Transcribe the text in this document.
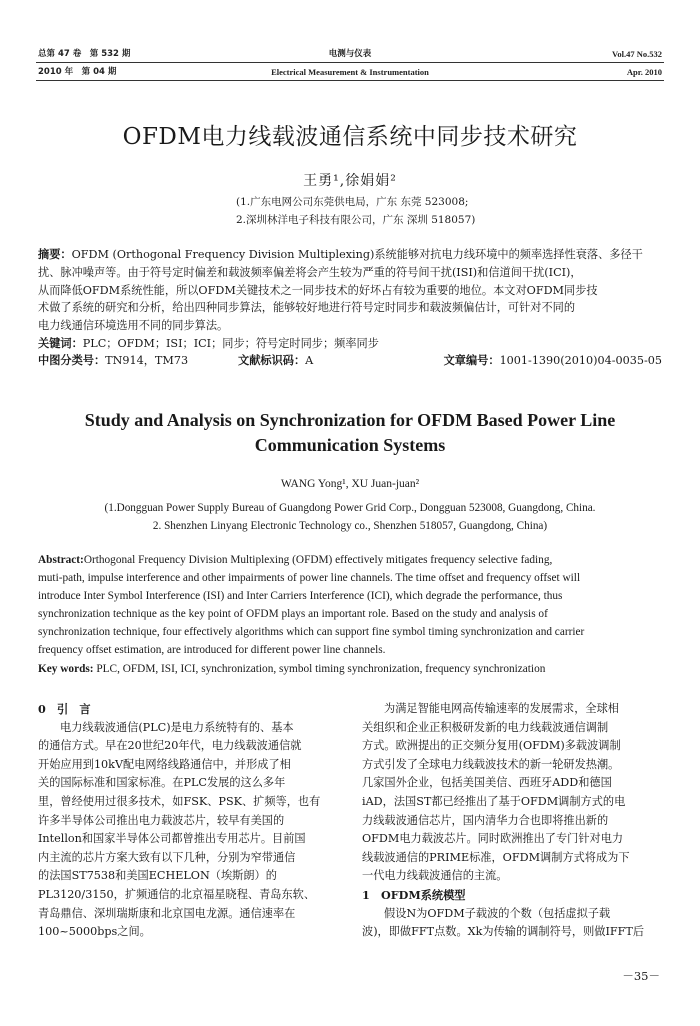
总第 47 卷　第 532 期
2010 年　第 04 期
电测与仪表
Electrical Measurement & Instrumentation
Vol.47 No.532
Apr. 2010
OFDM电力线载波通信系统中同步技术研究
王勇¹,徐娟娟²
(1.广东电网公司东莞供电局，广东 东莞 523008;
2.深圳林洋电子科技有限公司，广东 深圳 518057)
摘要：OFDM (Orthogonal Frequency Division Multiplexing)系统能够对抗电力线环境中的频率选择性衰落、多径干
扰、脉冲噪声等。由于符号定时偏差和载波频率偏差将会产生较为严重的符号间干扰(ISI)和信道间干扰(ICI)，
从而降低OFDM系统性能，所以OFDM关键技术之一同步技术的好坏占有较为重要的地位。本文对OFDM同步技
术做了系统的研究和分析，给出四种同步算法，能够较好地进行符号定时同步和载波频偏估计，可针对不同的
电力线通信环境选用不同的同步算法。
关键词：PLC；OFDM；ISI；ICI；同步；符号定时同步；频率同步
中图分类号：TN914，TM73	文献标识码：A	文章编号：1001-1390(2010)04-0035-05
Study and Analysis on Synchronization for OFDM Based Power Line
Communication Systems
WANG Yong¹, XU Juan-juan²
(1.Dongguan Power Supply Bureau of Guangdong Power Grid Corp., Dongguan 523008, Guangdong, China.
2. Shenzhen Linyang Electronic Technology co., Shenzhen 518057, Guangdong, China)
Abstract:Orthogonal Frequency Division Multiplexing (OFDM) effectively mitigates frequency selective fading,
muti-path, impulse interference and other impairments of power line channels. The time offset and frequency offset will
introduce Inter Symbol Interference (ISI) and Inter Carriers Interference (ICI), which degrade the performance, thus
synchronization technique as the key point of OFDM plays an important role. Based on the study and analysis of
synchronization technique, four effectively algorithms which can support fine symbol timing synchronization and carrier
frequency offset estimation, are introduced for different power line channels.
Key words: PLC, OFDM, ISI, ICI, synchronization, symbol timing synchronization, frequency synchronization
0　引　言
电力线载波通信(PLC)是电力系统特有的、基本
的通信方式。早在20世纪20年代，电力线载波通信就
开始应用到10kV配电网络线路通信中，并形成了相
关的国际标准和国家标准。在PLC发展的这么多年
里，曾经使用过很多技术，如FSK、PSK、扩频等，也有
许多半导体公司推出电力载波芯片，较早有美国的
Intellon和国家半导体公司都曾推出专用芯片。目前国
内主流的芯片方案大致有以下几种，分别为窄带通信
的法国ST7538和美国ECHELON（埃斯朗）的
PL3120/3150，扩频通信的北京福星晓程、青岛东软、
青岛鼎信、深圳瑞斯康和北京国电龙源。通信速率在
100~5000bps之间。
为满足智能电网高传输速率的发展需求，全球相
关组织和企业正积极研发新的电力线载波通信调制
方式。欧洲提出的正交频分复用(OFDM)多载波调制
方式引发了全球电力线载波技术的新一轮研发热潮。
几家国外企业，包括美国美信、西班牙ADD和德国
iAD，法国ST都已经推出了基于OFDM调制方式的电
力线载波通信芯片，国内清华力合也即将推出新的
OFDM电力载波芯片。同时欧洲推出了专门针对电力
线载波通信的PRIME标准，OFDM调制方式将成为下
一代电力线载波通信的主流。
1　OFDM系统模型
假设N为OFDM子载波的个数（包括虚拟子载
波)，即做FFT点数。Xk为传输的调制符号，则做IFFT后
－35－
